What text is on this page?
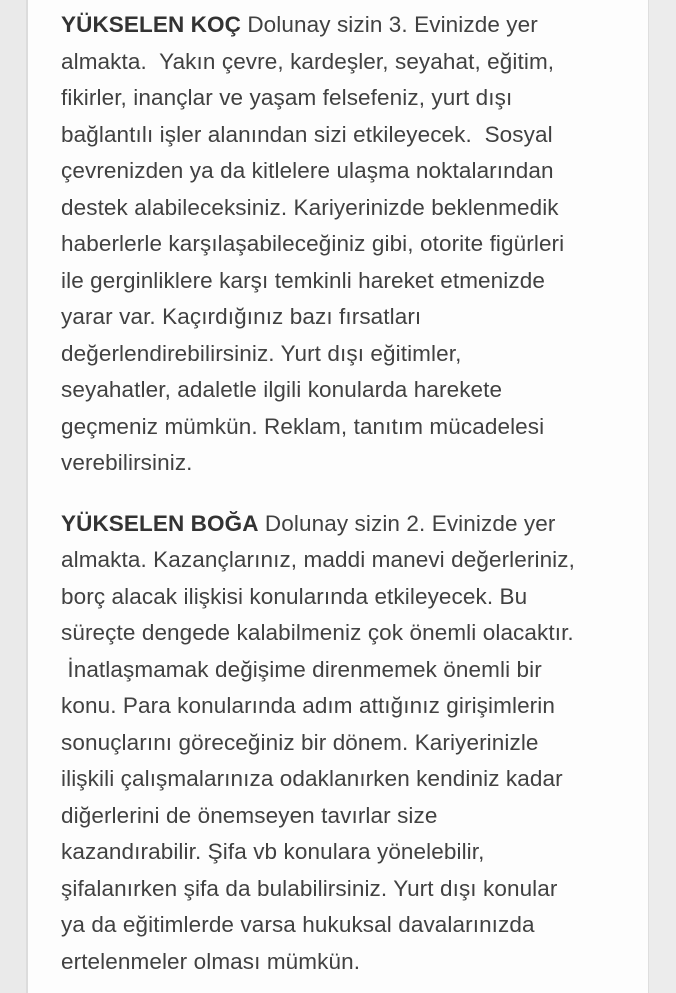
YÜKSELEN KOÇ Dolunay sizin 3. Evinizde yer
almakta.  Yakın çevre, kardeşler, seyahat, eğitim,
fikirler, inançlar ve yaşam felsefeniz, yurt dışı
bağlantılı işler alanından sizi etkileyecek.  Sosyal
çevrenizden ya da kitlelere ulaşma noktalarından
destek alabileceksiniz. Kariyerinizde beklenmedik
haberlerle karşılaşabileceğiniz gibi, otorite figürleri
ile gerginliklere karşı temkinli hareket etmenizde
yarar var. Kaçırdığınız bazı fırsatları
değerlendirebilirsiniz. Yurt dışı eğitimler,
seyahatler, adaletle ilgili konularda harekete
geçmeniz mümkün. Reklam, tanıtım mücadelesi
verebilirsiniz.

YÜKSELEN BOĞA Dolunay sizin 2. Evinizde yer
almakta. Kazançlarınız, maddi manevi değerleriniz,
borç alacak ilişkisi konularında etkileyecek. Bu
süreçte dengede kalabilmeniz çok önemli olacaktır.
İnatlaşmamak değişime direnmemek önemli bir
konu. Para konularında adım attığınız girişimlerin
sonuçlarını göreceğiniz bir dönem. Kariyerinizle
ilişkili çalışmalarınıza odaklanırken kendiniz kadar
diğerlerini de önemseyen tavırlar size
kazandırabilir. Şifa vb konulara yönelebilir,
şifalanırken şifa da bulabilirsiniz. Yurt dışı konular
ya da eğitimlerde varsa hukuksal davalarınızda
ertelenmeler olması mümkün.
